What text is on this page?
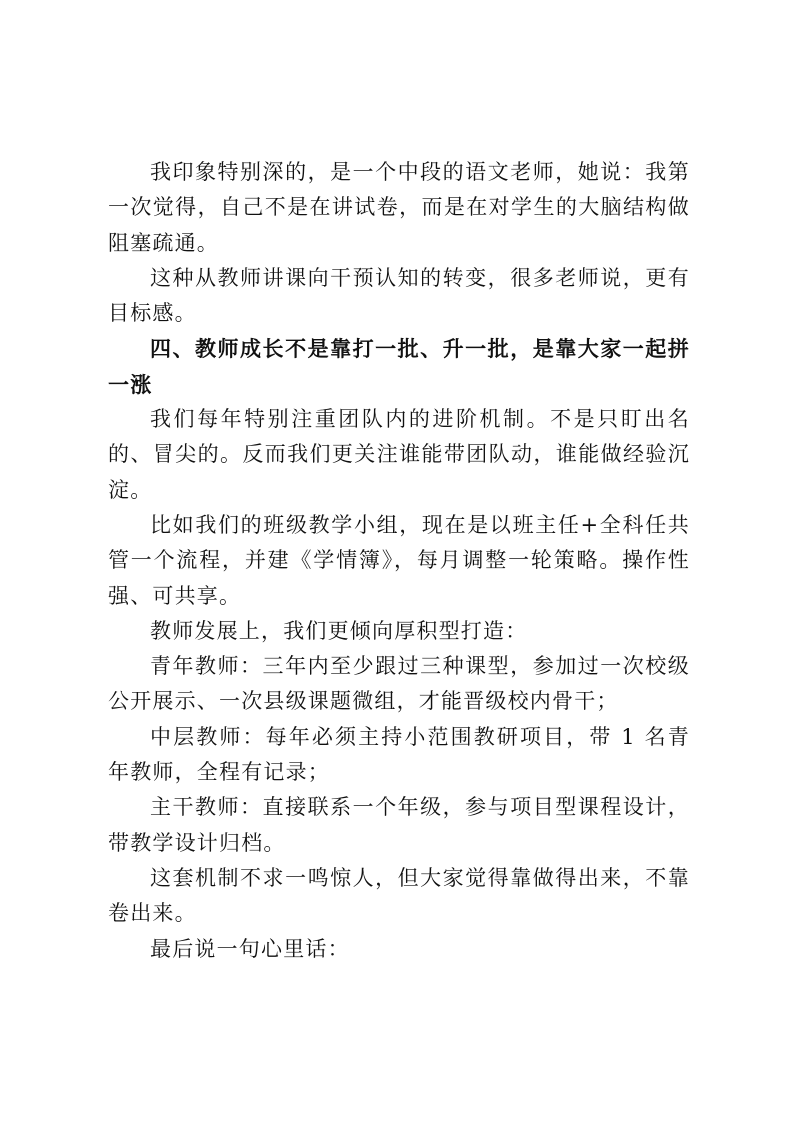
我印象特别深的，是一个中段的语文老师，她说：我第一次觉得，自己不是在讲试卷，而是在对学生的大脑结构做阻塞疏通。

这种从教师讲课向干预认知的转变，很多老师说，更有目标感。

四、教师成长不是靠打一批、升一批，是靠大家一起拼一涨

我们每年特别注重团队内的进阶机制。不是只盯出名的、冒尖的。反而我们更关注谁能带团队动，谁能做经验沉淀。

比如我们的班级教学小组，现在是以班主任+全科任共管一个流程，并建《学情簿》，每月调整一轮策略。操作性强、可共享。

教师发展上，我们更倾向厚积型打造：

青年教师：三年内至少跟过三种课型，参加过一次校级公开展示、一次县级课题微组，才能晋级校内骨干；

中层教师：每年必须主持小范围教研项目，带 1 名青年教师，全程有记录；

主干教师：直接联系一个年级，参与项目型课程设计，带教学设计归档。

这套机制不求一鸣惊人，但大家觉得靠做得出来，不靠卷出来。

最后说一句心里话：
